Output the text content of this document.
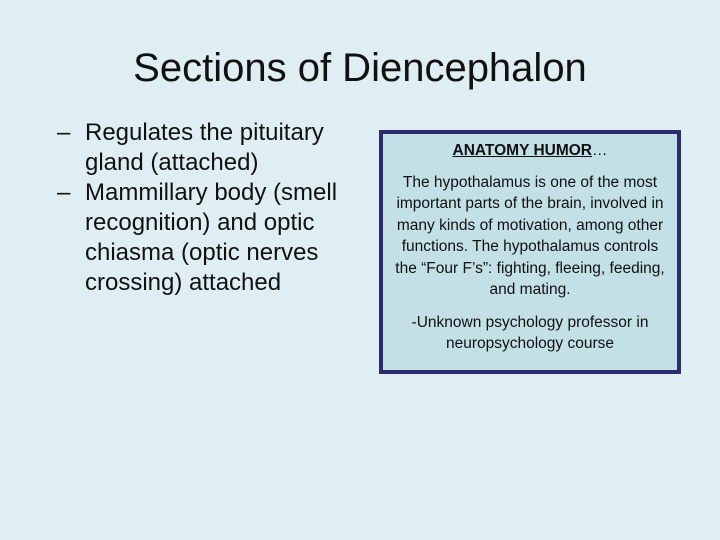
Sections of Diencephalon
– Regulates the pituitary gland (attached)
– Mammillary body (smell recognition) and optic chiasma (optic nerves crossing) attached

ANATOMY HUMOR…

The hypothalamus is one of the most important parts of the brain, involved in many kinds of motivation, among other functions. The hypothalamus controls the “Four F’s”: fighting, fleeing, feeding, and mating.

-Unknown psychology professor in neuropsychology course
